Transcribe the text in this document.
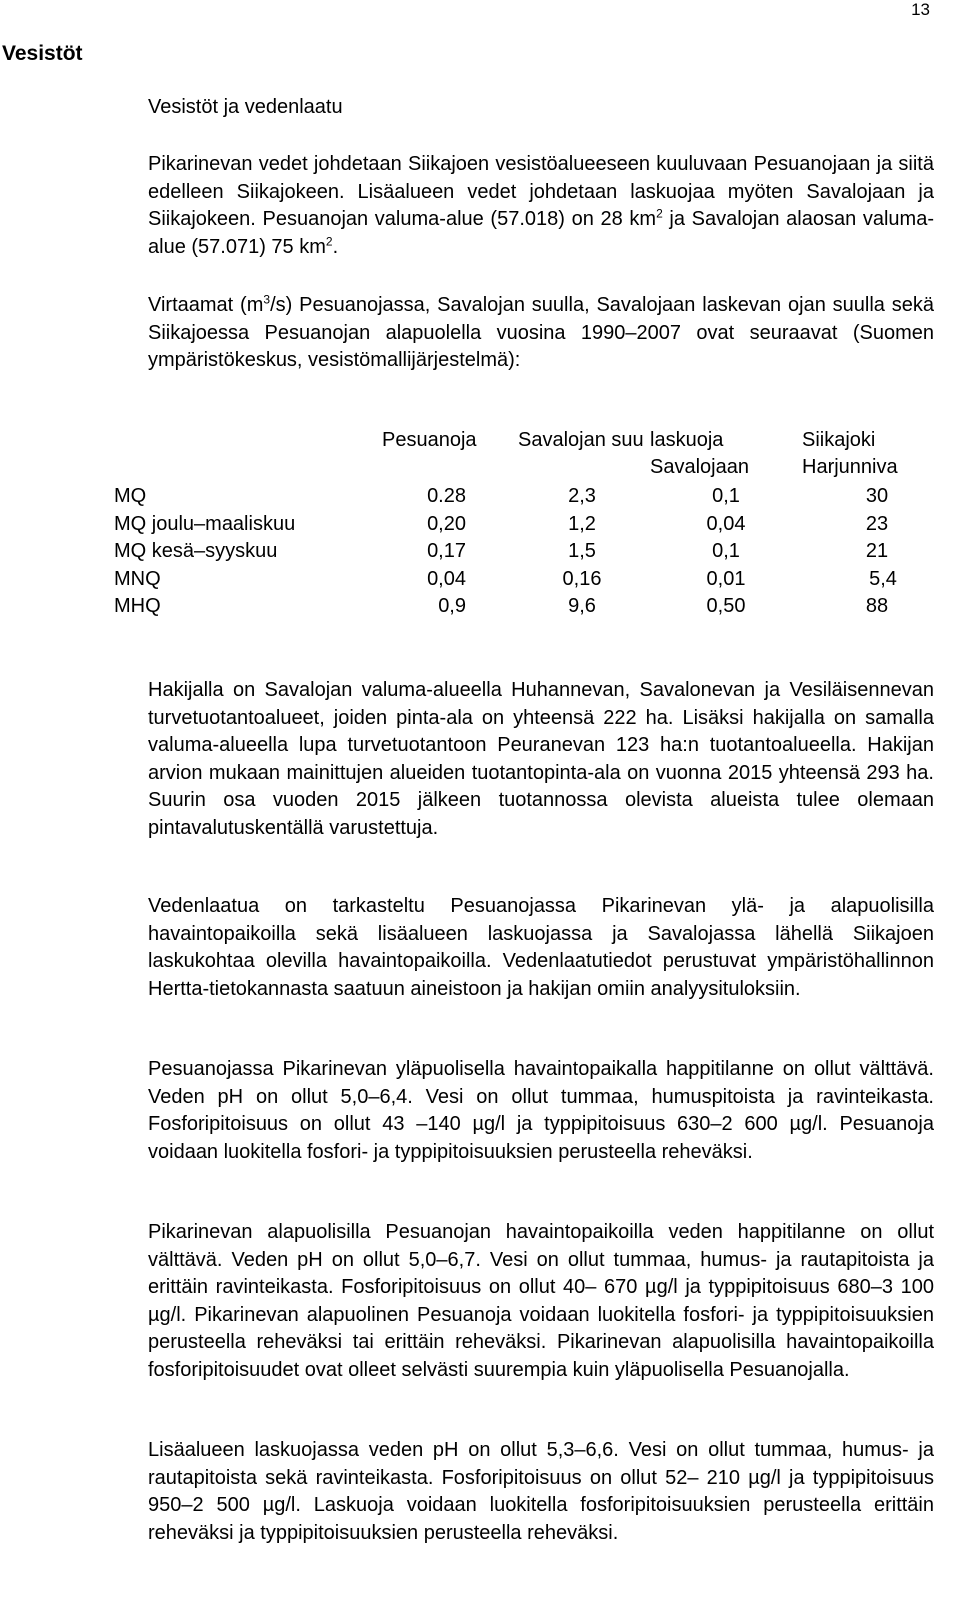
13
Vesistöt
Vesistöt ja vedenlaatu

Pikarinevan vedet johdetaan Siikajoen vesistöalueeseen kuuluvaan Pesuanojaan ja siitä edelleen Siikajokeen. Lisäalueen vedet johdetaan laskuojaa myöten Savalojaan ja Siikajokeen. Pesuanojan valuma-alue (57.018) on 28 $km^2$ ja Savalojan alaosan valuma-alue (57.071) 75 $km^2$.

Virtaamat $(m^3/s)$ Pesuanojassa, Savalojan suulla, Savalojaan laskevan ojan suulla sekä Siikajoessa Pesuanojan alapuolella vuosina 1990–2007 ovat seuraavat (Suomen ympäristökeskus, vesistömallijärjestelmä):

	Pesuanoja	Savalojan suu	laskuoja Savalojaan	Siikajoki Harjunniva
MQ	0.28	2,3	0,1	30
MQ joulu–maaliskuu	0,20	1,2	0,04	23
MQ kesä–syyskuu	0,17	1,5	0,1	21
MNQ	0,04	0,16	0,01	5,4
MHQ	0,9	9,6	0,50	88

Hakijalla on Savalojan valuma-alueella Huhannevan, Savalonevan ja Vesiläisennevan turvetuotantoalueet, joiden pinta-ala on yhteensä 222 ha. Lisäksi hakijalla on samalla valuma-alueella lupa turvetuotantoon Peuranevan 123 ha:n tuotantoalueella. Hakijan arvion mukaan mainittujen alueiden tuotantopinta-ala on vuonna 2015 yhteensä 293 ha. Suurin osa vuoden 2015 jälkeen tuotannossa olevista alueista tulee olemaan pintavalutuskentällä varustettuja.

Vedenlaatua on tarkasteltu Pesuanojassa Pikarinevan ylä- ja alapuolisilla havaintopaikoilla sekä lisäalueen laskuojassa ja Savalojassa lähellä Siikajoen laskukohtaa olevilla havaintopaikoilla. Vedenlaatutiedot perustuvat ympäristöhallinnon Hertta-tietokannasta saatuun aineistoon ja hakijan omiin analyysituloksiin.

Pesuanojassa Pikarinevan yläpuolisella havaintopaikalla happitilanne on ollut välttävä. Veden pH on ollut 5,0–6,4. Vesi on ollut tummaa, humuspitoista ja ravinteikasta. Fosforipitoisuus on ollut 43 –140 µg/l ja typpipitoisuus 630–2 600 µg/l. Pesuanoja voidaan luokitella fosfori- ja typpipitoisuuksien perusteella reheväksi.

Pikarinevan alapuolisilla Pesuanojan havaintopaikoilla veden happitilanne on ollut välttävä. Veden pH on ollut 5,0–6,7. Vesi on ollut tummaa, humus- ja rautapitoista ja erittäin ravinteikasta. Fosforipitoisuus on ollut 40– 670 µg/l ja typpipitoisuus 680–3 100 µg/l. Pikarinevan alapuolinen Pesuanoja voidaan luokitella fosfori- ja typpipitoisuuksien perusteella reheväksi tai erittäin reheväksi. Pikarinevan alapuolisilla havaintopaikoilla fosforipitoisuudet ovat olleet selvästi suurempia kuin yläpuolisella Pesuanojalla.

Lisäalueen laskuojassa veden pH on ollut 5,3–6,6. Vesi on ollut tummaa, humus- ja rautapitoista sekä ravinteikasta. Fosforipitoisuus on ollut 52– 210 µg/l ja typpipitoisuus 950–2 500 µg/l. Laskuoja voidaan luokitella fosforipitoisuuksien perusteella erittäin reheväksi ja typpipitoisuuksien perusteella reheväksi.
